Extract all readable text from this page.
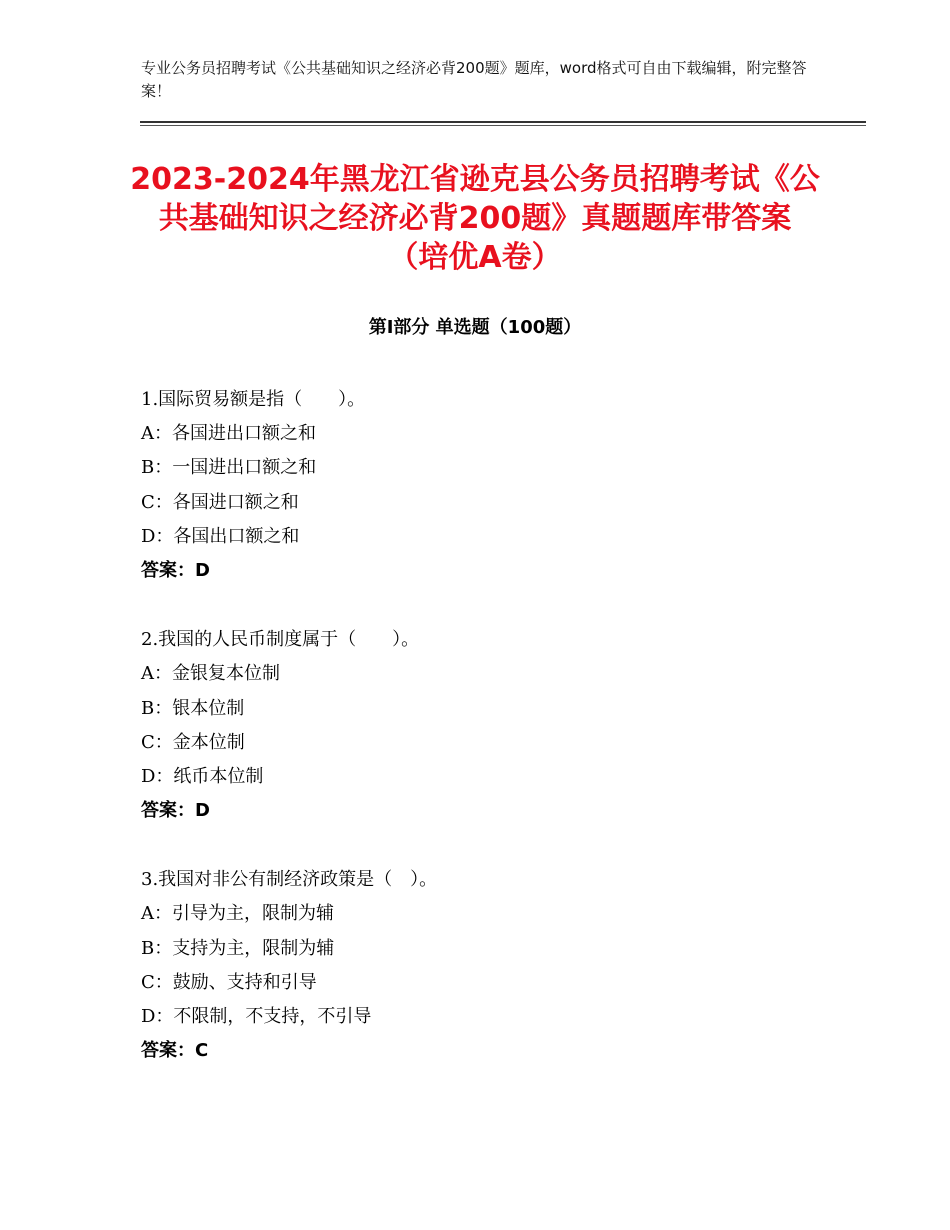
专业公务员招聘考试《公共基础知识之经济必背200题》题库，word格式可自由下载编辑，附完整答案！
2023-2024年黑龙江省逊克县公务员招聘考试《公共基础知识之经济必背200题》真题题库带答案（培优A卷）
第Ⅰ部分 单选题（100题）
1.国际贸易额是指（　　）。
A：各国进出口额之和
B：一国进出口额之和
C：各国进口额之和
D：各国出口额之和
答案：D
2.我国的人民币制度属于（　　）。
A：金银复本位制
B：银本位制
C：金本位制
D：纸币本位制
答案：D
3.我国对非公有制经济政策是（　）。
A：引导为主，限制为辅
B：支持为主，限制为辅
C：鼓励、支持和引导
D：不限制，不支持，不引导
答案：C
